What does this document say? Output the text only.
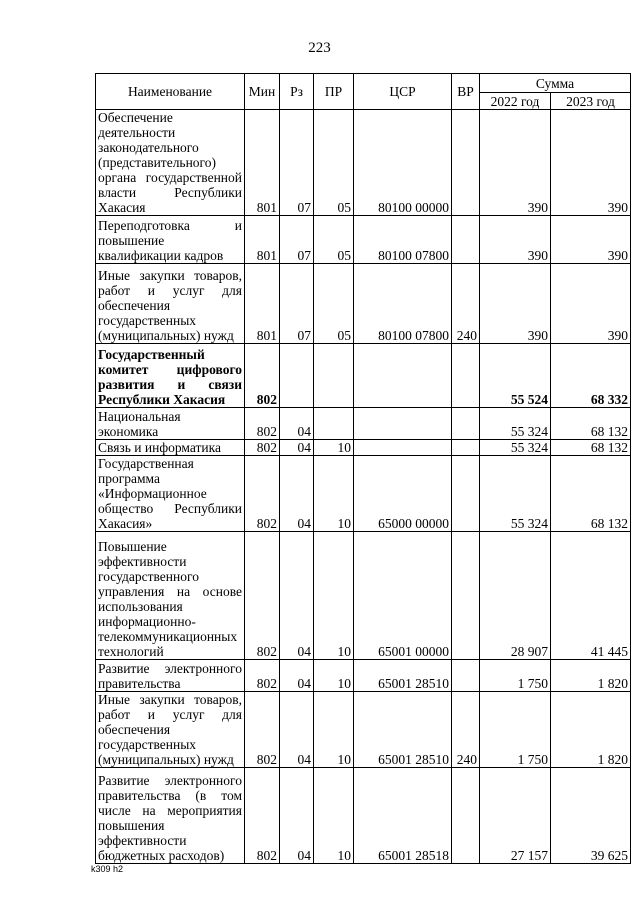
223
Наименование	Мин	Рз	ПР	ЦСР	ВР	Сумма	
						2022 год	2023 год
Обеспечение деятельности законодательного (представительного) органа государственной власти Республики Хакасия	801	07	05	80100 00000		390	390
Переподготовка и повышение квалификации кадров	801	07	05	80100 07800		390	390
Иные закупки товаров, работ и услуг для обеспечения государственных (муниципальных) нужд	801	07	05	80100 07800	240	390	390
Государственный комитет цифрового развития и связи Республики Хакасия	802					55 524	68 332
Национальная экономика	802	04				55 324	68 132
Связь и информатика	802	04	10			55 324	68 132
Государственная программа «Информационное общество Республики Хакасия»	802	04	10	65000 00000		55 324	68 132
Повышение эффективности государственного управления на основе использования информационно-телекоммуникационных технологий	802	04	10	65001 00000		28 907	41 445
Развитие электронного правительства	802	04	10	65001 28510		1 750	1 820
Иные закупки товаров, работ и услуг для обеспечения государственных (муниципальных) нужд	802	04	10	65001 28510	240	1 750	1 820
Развитие электронного правительства (в том числе на мероприятия повышения эффективности бюджетных расходов)	802	04	10	65001 28518		27 157	39 625
k309 h2
